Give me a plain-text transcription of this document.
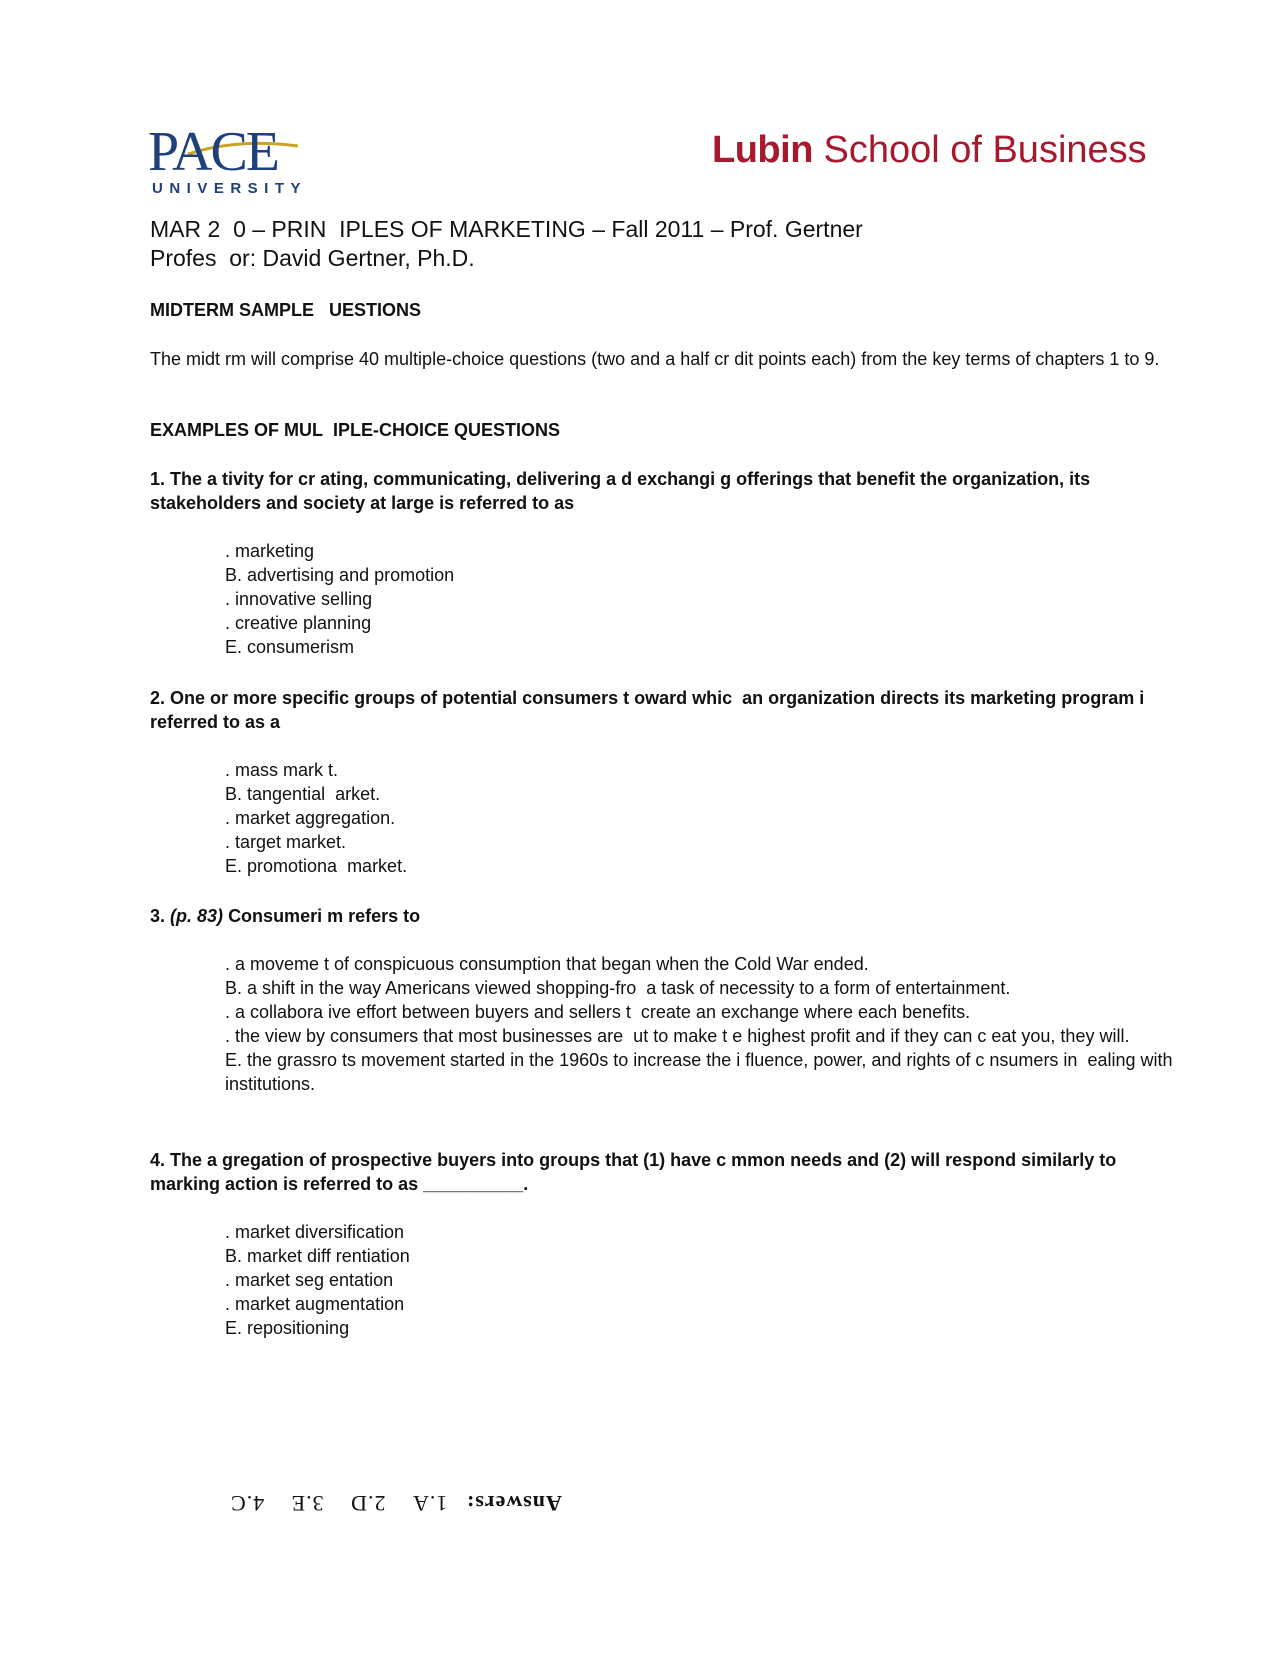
PACE
UNIVERSITY
Lubin School of Business
MAR 2  0 – PRIN  IPLES OF MARKETING – Fall 2011 – Prof. Gertner
Profes  or: David Gertner, Ph.D.
MIDTERM SAMPLE   UESTIONS
The midt rm will comprise 40 multiple-choice questions (two and a half cr dit points each) from the key terms of chapters 1 to 9.
EXAMPLES OF MUL  IPLE-CHOICE QUESTIONS
1. The a tivity for cr ating, communicating, delivering a d exchangi g offerings that benefit the organization, its stakeholders and society at large is referred to as
. marketing
B. advertising and promotion
. innovative selling
. creative planning
E. consumerism
2. One or more specific groups of potential consumers t oward whic  an organization directs its marketing program i  referred to as a
. mass mark t.
B. tangential  arket.
. market aggregation.
. target market.
E. promotiona  market.
3. (p. 83) Consumeri m refers to
. a moveme t of conspicuous consumption that began when the Cold War ended.
B. a shift in the way Americans viewed shopping-fro  a task of necessity to a form of entertainment.
. a collabora ive effort between buyers and sellers t  create an exchange where each benefits.
. the view by consumers that most businesses are  ut to make t e highest profit and if they can c eat you, they will.
E. the grassro ts movement started in the 1960s to increase the i fluence, power, and rights of c nsumers in  ealing with institutions.
4. The a gregation of prospective buyers into groups that (1) have c mmon needs and (2) will respond similarly to   marking action is referred to as __________.
. market diversification
B. market diff rentiation
. market seg entation
. market augmentation
E. repositioning
Answers: 1.A 2.D 3.E 4.C
